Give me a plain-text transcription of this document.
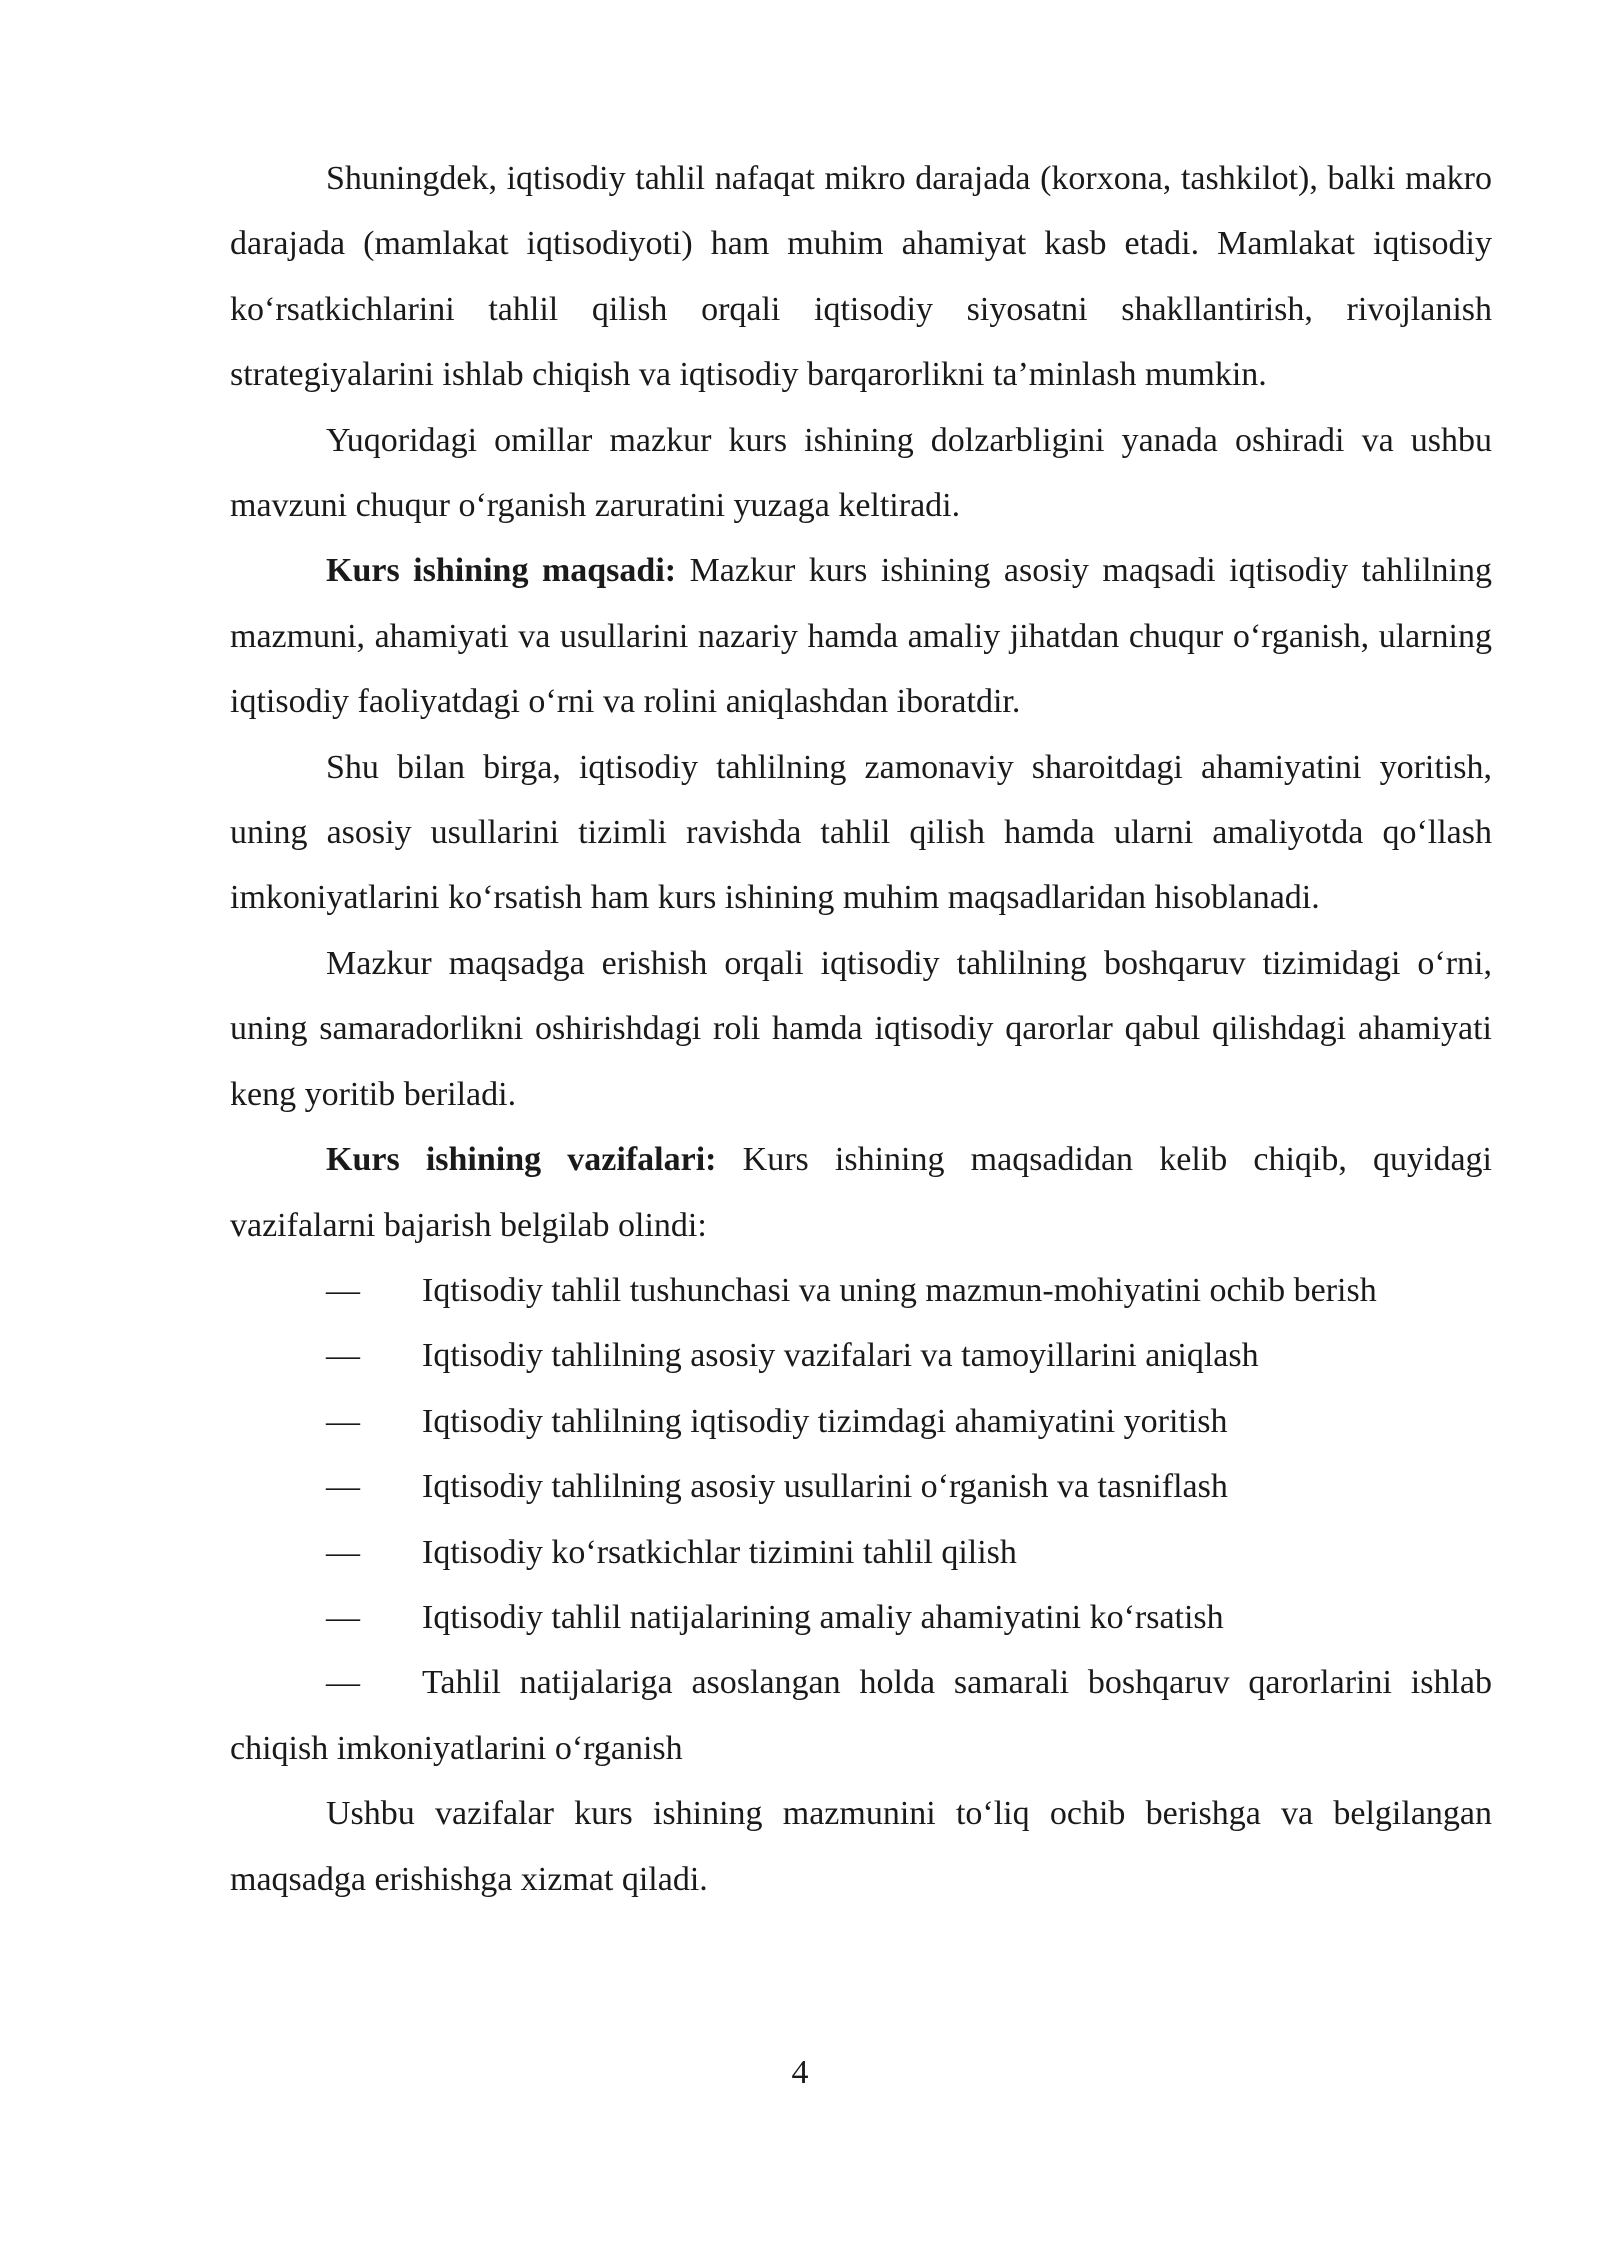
Shuningdek, iqtisodiy tahlil nafaqat mikro darajada (korxona, tashkilot), balki makro darajada (mamlakat iqtisodiyoti) ham muhim ahamiyat kasb etadi. Mamlakat iqtisodiy ko‘rsatkichlarini tahlil qilish orqali iqtisodiy siyosatni shakllantirish, rivojlanish strategiyalarini ishlab chiqish va iqtisodiy barqarorlikni ta’minlash mumkin.

Yuqoridagi omillar mazkur kurs ishining dolzarbligini yanada oshiradi va ushbu mavzuni chuqur o‘rganish zaruratini yuzaga keltiradi.

Kurs ishining maqsadi: Mazkur kurs ishining asosiy maqsadi iqtisodiy tahlilning mazmuni, ahamiyati va usullarini nazariy hamda amaliy jihatdan chuqur o‘rganish, ularning iqtisodiy faoliyatdagi o‘rni va rolini aniqlashdan iboratdir.

Shu bilan birga, iqtisodiy tahlilning zamonaviy sharoitdagi ahamiyatini yoritish, uning asosiy usullarini tizimli ravishda tahlil qilish hamda ularni amaliyotda qo‘llash imkoniyatlarini ko‘rsatish ham kurs ishining muhim maqsadlaridan hisoblanadi.

Mazkur maqsadga erishish orqali iqtisodiy tahlilning boshqaruv tizimidagi o‘rni, uning samaradorlikni oshirishdagi roli hamda iqtisodiy qarorlar qabul qilishdagi ahamiyati keng yoritib beriladi.

Kurs ishining vazifalari: Kurs ishining maqsadidan kelib chiqib, quyidagi vazifalarni bajarish belgilab olindi:

— Iqtisodiy tahlil tushunchasi va uning mazmun-mohiyatini ochib berish
— Iqtisodiy tahlilning asosiy vazifalari va tamoyillarini aniqlash
— Iqtisodiy tahlilning iqtisodiy tizimdagi ahamiyatini yoritish
— Iqtisodiy tahlilning asosiy usullarini o‘rganish va tasniflash
— Iqtisodiy ko‘rsatkichlar tizimini tahlil qilish
— Iqtisodiy tahlil natijalarining amaliy ahamiyatini ko‘rsatish
— Tahlil natijalariga asoslangan holda samarali boshqaruv qarorlarini ishlab chiqish imkoniyatlarini o‘rganish

Ushbu vazifalar kurs ishining mazmunini to‘liq ochib berishga va belgilangan maqsadga erishishga xizmat qiladi.

4
